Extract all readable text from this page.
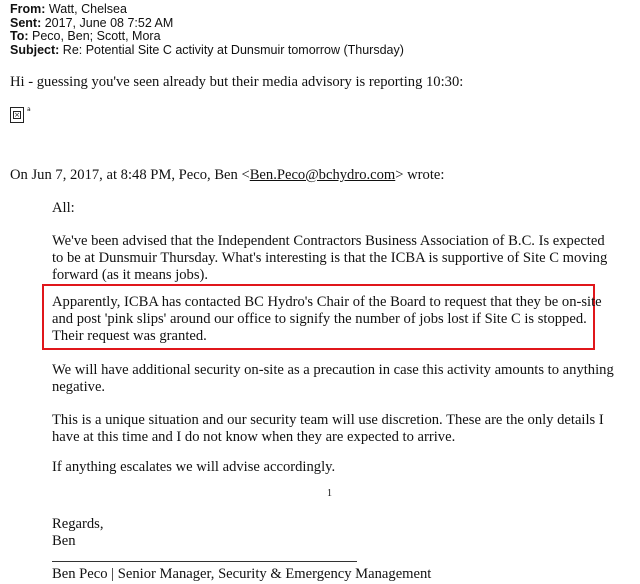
From: Watt, Chelsea
Sent: 2017, June 08 7:52 AM
To: Peco, Ben; Scott, Mora
Subject: Re: Potential Site C activity at Dunsmuir tomorrow (Thursday)
Hi - guessing you've seen already but their media advisory is reporting 10:30:
×
a
On Jun 7, 2017, at 8:48 PM, Peco, Ben <Ben.Peco@bchydro.com> wrote:
All:
We've been advised that the Independent Contractors Business Association of B.C. Is expected
to be at Dunsmuir Thursday. What's interesting is that the ICBA is supportive of Site C moving
forward (as it means jobs).
Apparently, ICBA has contacted BC Hydro's Chair of the Board to request that they be on-site
and post 'pink slips' around our office to signify the number of jobs lost if Site C is stopped.
Their request was granted.
We will have additional security on-site as a precaution in case this activity amounts to anything
negative.
This is a unique situation and our security team will use discretion. These are the only details I
have at this time and I do not know when they are expected to arrive.
If anything escalates we will advise accordingly.
1
Regards,
Ben
Ben Peco | Senior Manager, Security & Emergency Management
